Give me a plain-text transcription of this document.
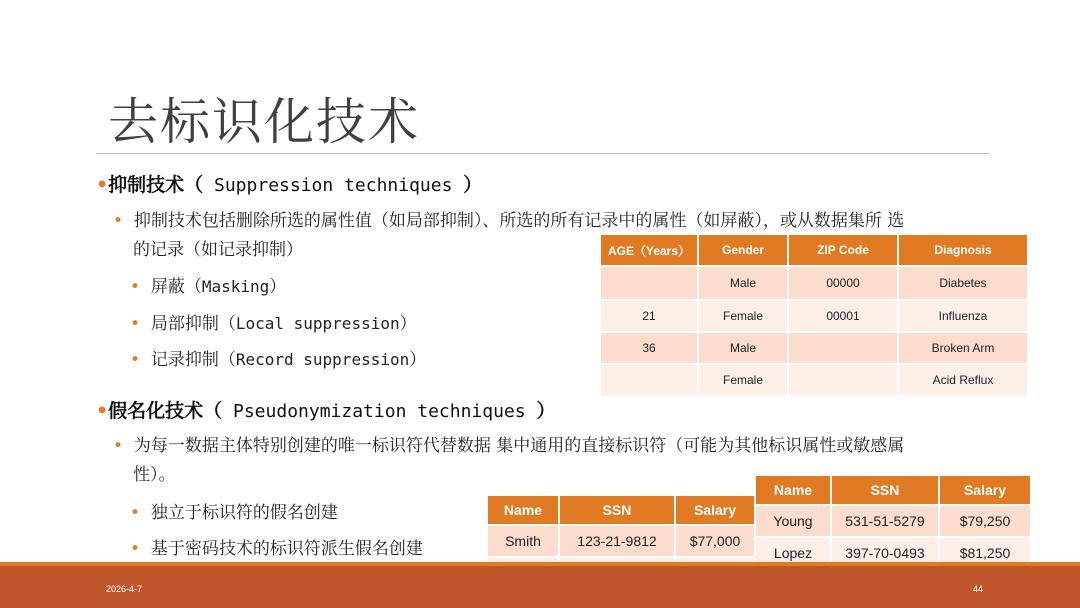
去标识化技术
•抑制技术（ Suppression techniques ）
• 抑制技术包括删除所选的属性值（如局部抑制）、所选的所有记录中的属性（如屏蔽），或从数据集所 选
的记录（如记录抑制）
• 屏蔽（Masking）
• 局部抑制（Local suppression）
• 记录抑制（Record suppression）
AGE（Years）	Gender	ZIP Code	Diagnosis
	Male	00000	Diabetes
21	Female	00001	Influenza
36	Male		Broken Arm
	Female		Acid Reflux
•假名化技术（ Pseudonymization techniques ）
• 为每一数据主体特别创建的唯一标识符代替数据 集中通用的直接标识符（可能为其他标识属性或敏感属
性）。
• 独立于标识符的假名创建
• 基于密码技术的标识符派生假名创建
Name	SSN	Salary
Smith	123-21-9812	$77,000

Name	SSN	Salary
Young	531-51-5279	$79,250
Lopez	397-70-0493	$81,250
2026-4-7	44
